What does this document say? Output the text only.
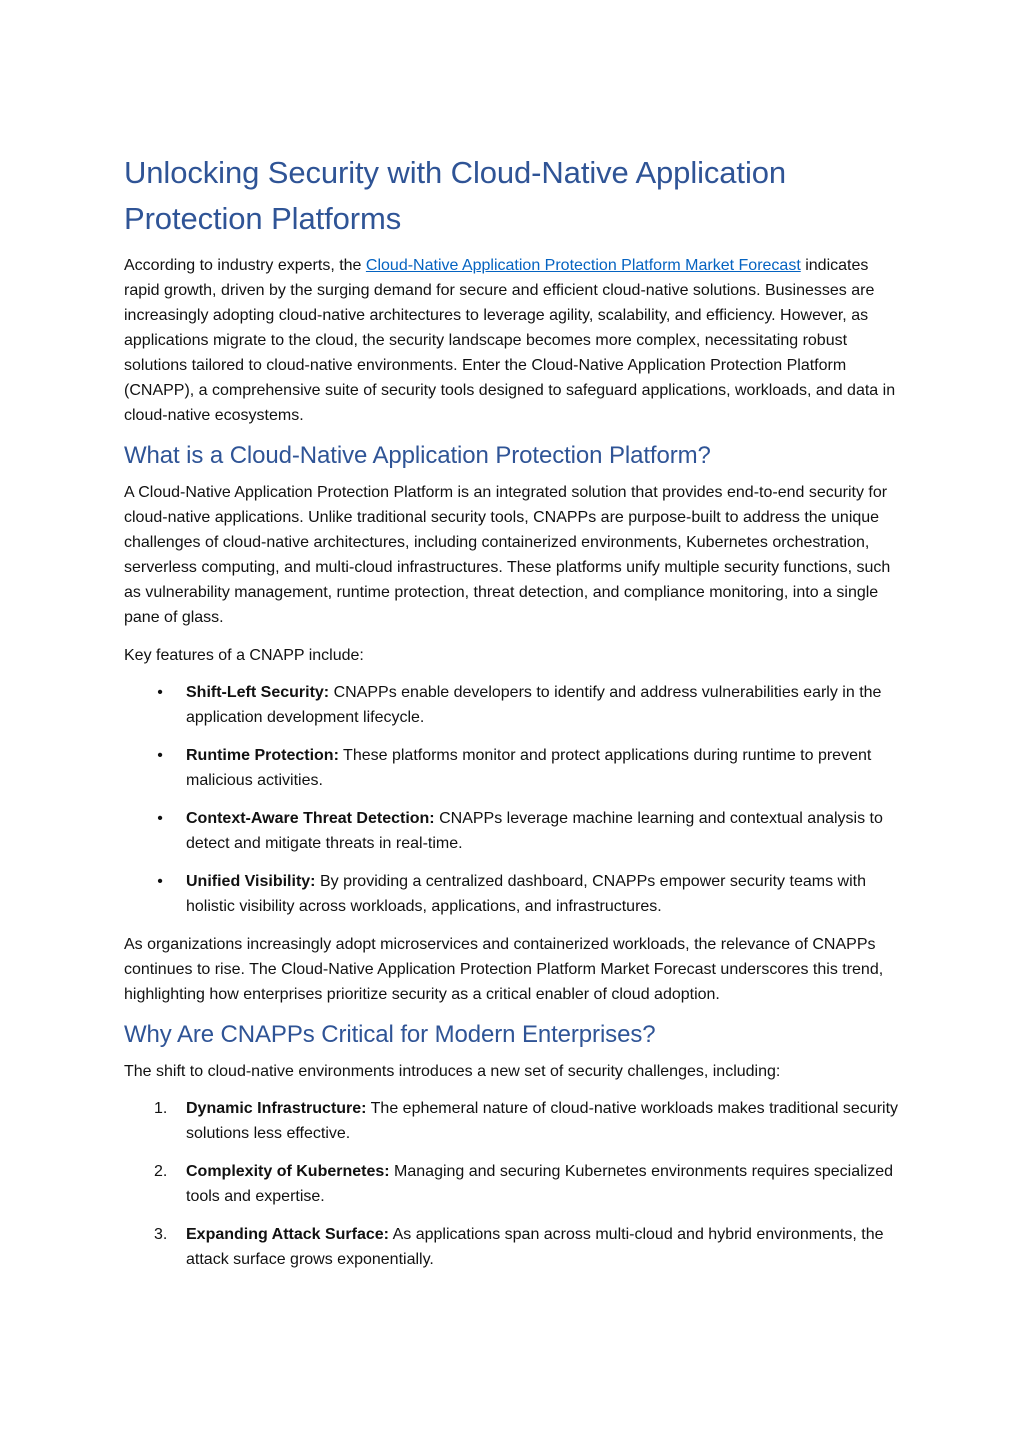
Unlocking Security with Cloud-Native Application Protection Platforms

According to industry experts, the Cloud-Native Application Protection Platform Market Forecast indicates rapid growth, driven by the surging demand for secure and efficient cloud-native solutions. Businesses are increasingly adopting cloud-native architectures to leverage agility, scalability, and efficiency. However, as applications migrate to the cloud, the security landscape becomes more complex, necessitating robust solutions tailored to cloud-native environments. Enter the Cloud-Native Application Protection Platform (CNAPP), a comprehensive suite of security tools designed to safeguard applications, workloads, and data in cloud-native ecosystems.

What is a Cloud-Native Application Protection Platform?

A Cloud-Native Application Protection Platform is an integrated solution that provides end-to-end security for cloud-native applications. Unlike traditional security tools, CNAPPs are purpose-built to address the unique challenges of cloud-native architectures, including containerized environments, Kubernetes orchestration, serverless computing, and multi-cloud infrastructures. These platforms unify multiple security functions, such as vulnerability management, runtime protection, threat detection, and compliance monitoring, into a single pane of glass.

Key features of a CNAPP include:

• Shift-Left Security: CNAPPs enable developers to identify and address vulnerabilities early in the application development lifecycle.
• Runtime Protection: These platforms monitor and protect applications during runtime to prevent malicious activities.
• Context-Aware Threat Detection: CNAPPs leverage machine learning and contextual analysis to detect and mitigate threats in real-time.
• Unified Visibility: By providing a centralized dashboard, CNAPPs empower security teams with holistic visibility across workloads, applications, and infrastructures.

As organizations increasingly adopt microservices and containerized workloads, the relevance of CNAPPs continues to rise. The Cloud-Native Application Protection Platform Market Forecast underscores this trend, highlighting how enterprises prioritize security as a critical enabler of cloud adoption.

Why Are CNAPPs Critical for Modern Enterprises?

The shift to cloud-native environments introduces a new set of security challenges, including:

1.	Dynamic Infrastructure: The ephemeral nature of cloud-native workloads makes traditional security solutions less effective.
2.	Complexity of Kubernetes: Managing and securing Kubernetes environments requires specialized tools and expertise.
3.	Expanding Attack Surface: As applications span across multi-cloud and hybrid environments, the attack surface grows exponentially.
